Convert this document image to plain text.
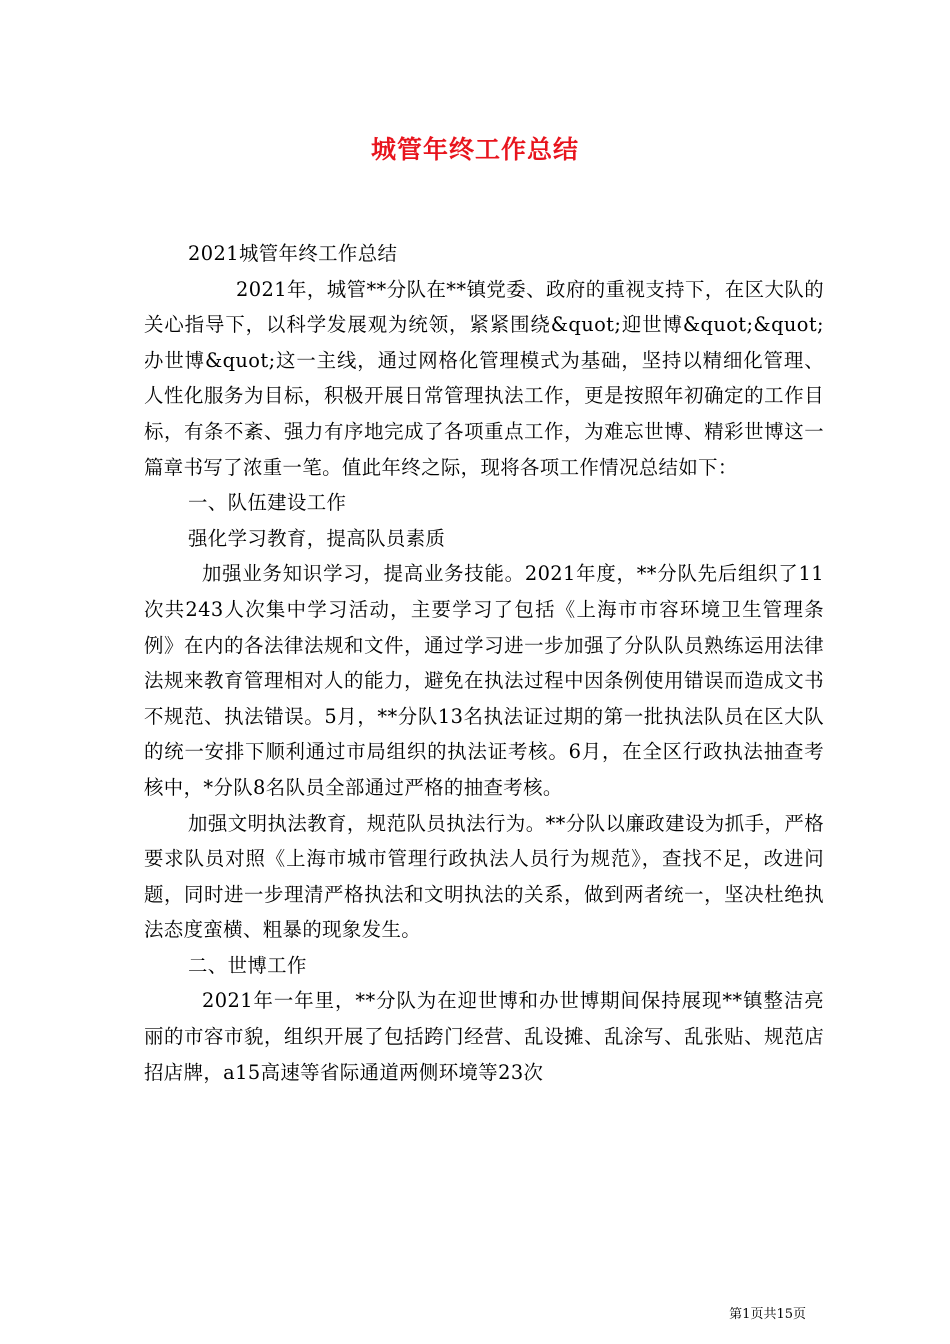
城管年终工作总结

2021城管年终工作总结

2021年，城管**分队在**镇党委、政府的重视支持下，在区大队的关心指导下，以科学发展观为统领，紧紧围绕&quot;迎世博&quot;&quot;办世博&quot;这一主线，通过网格化管理模式为基础，坚持以精细化管理、人性化服务为目标，积极开展日常管理执法工作，更是按照年初确定的工作目标，有条不紊、强力有序地完成了各项重点工作，为难忘世博、精彩世博这一篇章书写了浓重一笔。值此年终之际，现将各项工作情况总结如下：

一、队伍建设工作

强化学习教育，提高队员素质

加强业务知识学习，提高业务技能。2021年度，**分队先后组织了11次共243人次集中学习活动，主要学习了包括《上海市市容环境卫生管理条例》在内的各法律法规和文件，通过学习进一步加强了分队队员熟练运用法律法规来教育管理相对人的能力，避免在执法过程中因条例使用错误而造成文书不规范、执法错误。5月，**分队13名执法证过期的第一批执法队员在区大队的统一安排下顺利通过市局组织的执法证考核。6月，在全区行政执法抽查考核中，*分队8名队员全部通过严格的抽查考核。

加强文明执法教育，规范队员执法行为。**分队以廉政建设为抓手，严格要求队员对照《上海市城市管理行政执法人员行为规范》，查找不足，改进问题，同时进一步理清严格执法和文明执法的关系，做到两者统一，坚决杜绝执法态度蛮横、粗暴的现象发生。

二、世博工作

2021年一年里，**分队为在迎世博和办世博期间保持展现**镇整洁亮丽的市容市貌，组织开展了包括跨门经营、乱设摊、乱涂写、乱张贴、规范店招店牌，a15高速等省际通道两侧环境等23次

第1页共15页
